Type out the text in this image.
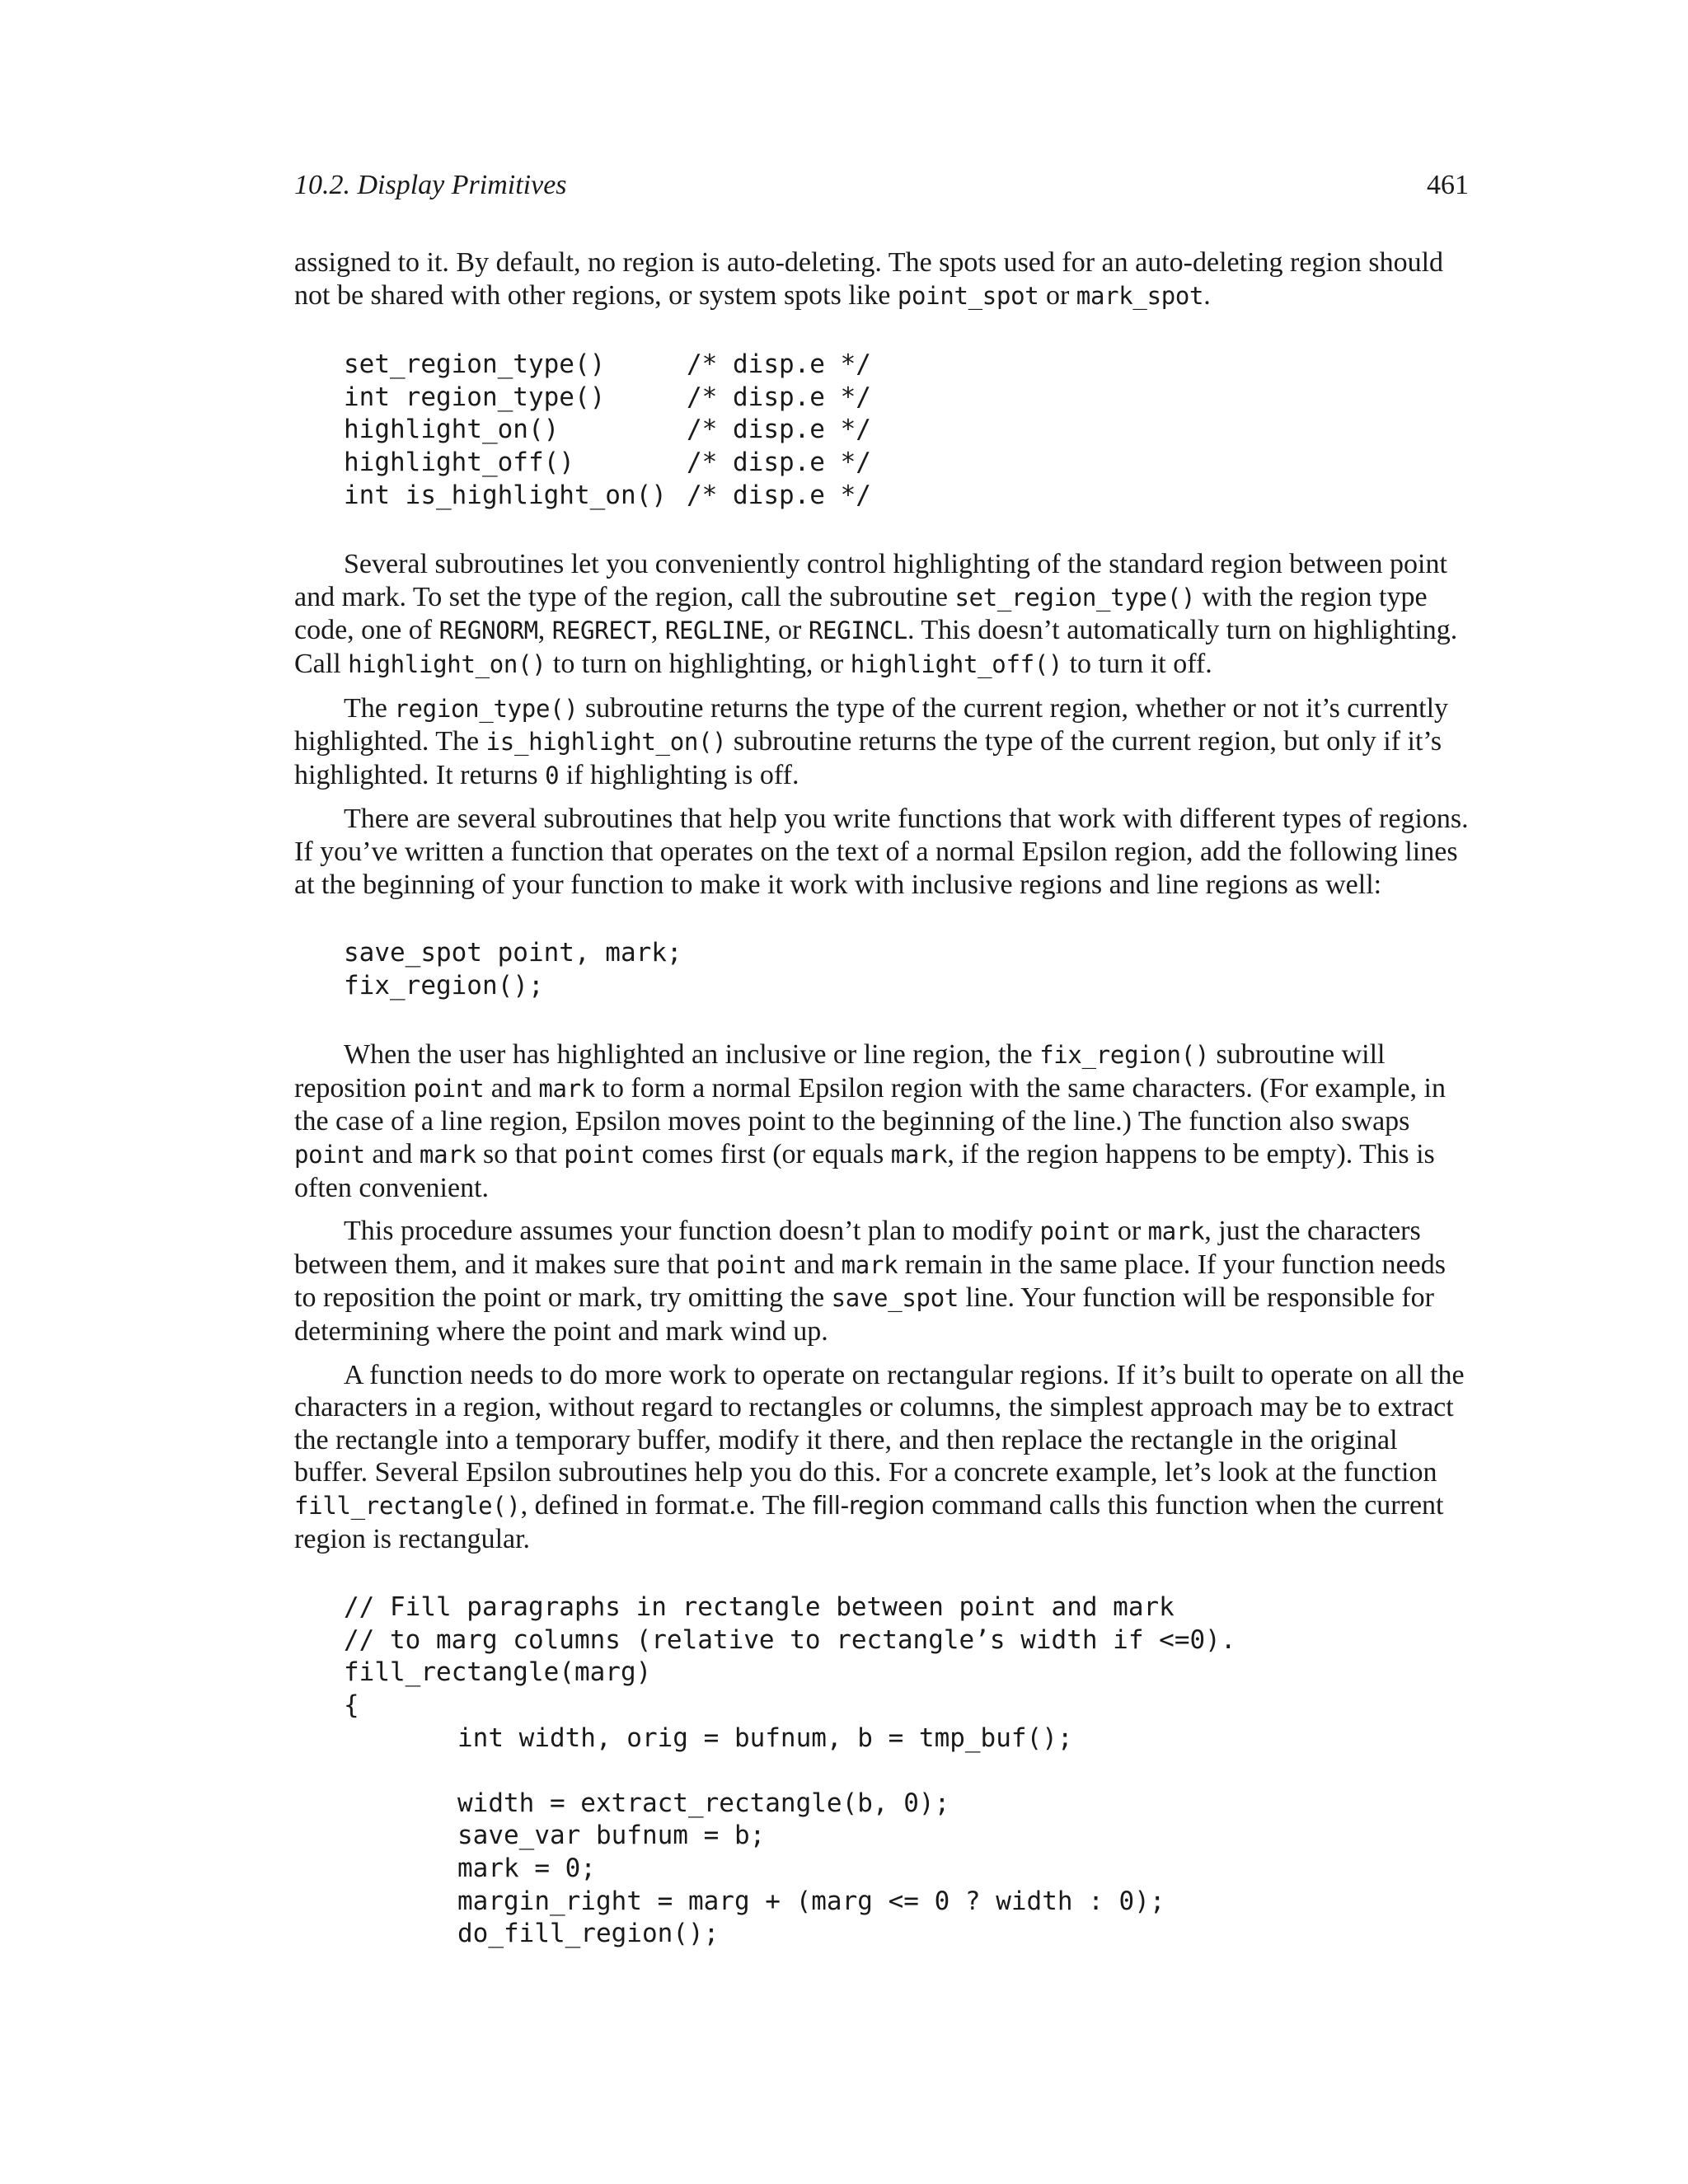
10.2. Display Primitives	461

assigned to it. By default, no region is auto-deleting. The spots used for an auto-deleting region should not be shared with other regions, or system spots like point_spot or mark_spot.

set_region_type()	/* disp.e */
int region_type()	/* disp.e */
highlight_on()	/* disp.e */
highlight_off()	/* disp.e */
int is_highlight_on() /* disp.e */

Several subroutines let you conveniently control highlighting of the standard region between point and mark. To set the type of the region, call the subroutine set_region_type() with the region type code, one of REGNORM, REGRECT, REGLINE, or REGINCL. This doesn’t automatically turn on highlighting. Call highlight_on() to turn on highlighting, or highlight_off() to turn it off.

The region_type() subroutine returns the type of the current region, whether or not it’s currently highlighted. The is_highlight_on() subroutine returns the type of the current region, but only if it’s highlighted. It returns 0 if highlighting is off.

There are several subroutines that help you write functions that work with different types of regions. If you’ve written a function that operates on the text of a normal Epsilon region, add the following lines at the beginning of your function to make it work with inclusive regions and line regions as well:

save_spot point, mark;
fix_region();

When the user has highlighted an inclusive or line region, the fix_region() subroutine will reposition point and mark to form a normal Epsilon region with the same characters. (For example, in the case of a line region, Epsilon moves point to the beginning of the line.) The function also swaps point and mark so that point comes first (or equals mark, if the region happens to be empty). This is often convenient.

This procedure assumes your function doesn’t plan to modify point or mark, just the characters between them, and it makes sure that point and mark remain in the same place. If your function needs to reposition the point or mark, try omitting the save_spot line. Your function will be responsible for determining where the point and mark wind up.

A function needs to do more work to operate on rectangular regions. If it’s built to operate on all the characters in a region, without regard to rectangles or columns, the simplest approach may be to extract the rectangle into a temporary buffer, modify it there, and then replace the rectangle in the original buffer. Several Epsilon subroutines help you do this. For a concrete example, let’s look at the function fill_rectangle(), defined in format.e. The fill-region command calls this function when the current region is rectangular.

// Fill paragraphs in rectangle between point and mark
// to marg columns (relative to rectangle’s width if <=0).
fill_rectangle(marg)
{
int width, orig = bufnum, b = tmp_buf();
width = extract_rectangle(b, 0);
save_var bufnum = b;
mark = 0;
margin_right = marg + (marg <= 0 ? width : 0);
do_fill_region();
